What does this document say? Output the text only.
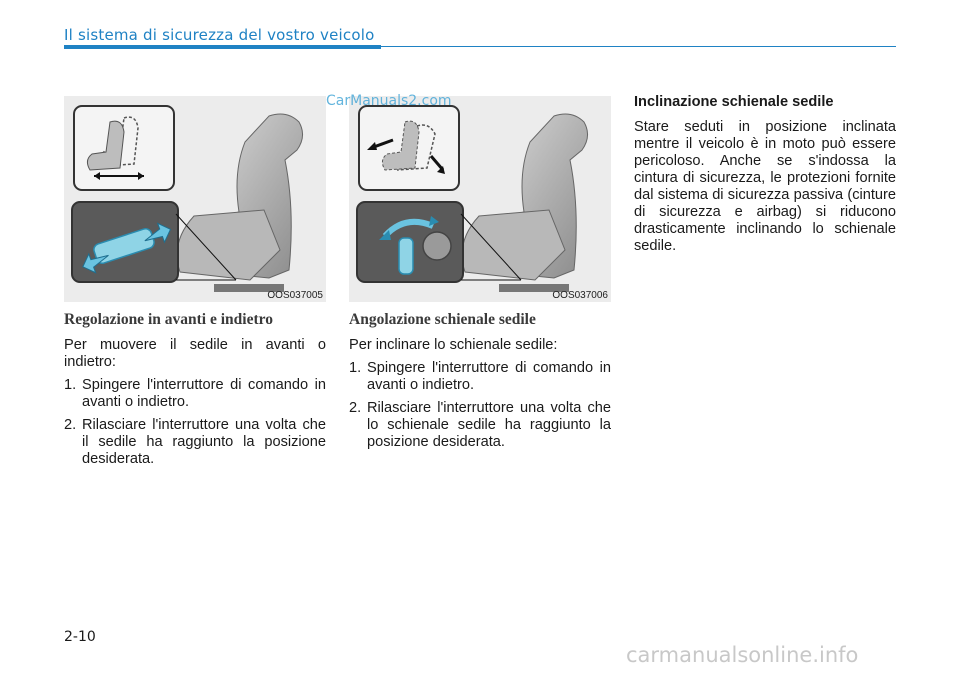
Il sistema di sicurezza del vostro veicolo
OOS037005	OOS037006
CarManuals2.com
Regolazione in avanti e indietro

Per muovere il sedile in avanti o indietro:

1. Spingere l'interruttore di comando in avanti o indietro.
2. Rilasciare l'interruttore una volta che il sedile ha raggiunto la posizione desiderata.
Angolazione schienale sedile

Per inclinare lo schienale sedile:

1. Spingere l'interruttore di comando in avanti o indietro.
2. Rilasciare l'interruttore una volta che lo schienale sedile ha raggiunto la posizione desiderata.
Inclinazione schienale sedile

Stare seduti in posizione inclinata mentre il veicolo è in moto può essere pericoloso. Anche se s'indossa la cintura di sicurezza, le protezioni fornite dal sistema di sicurezza passiva (cinture di sicurezza e airbag) si riducono drasticamente inclinando lo schienale sedile.

2-10
carmanualsonline.info
